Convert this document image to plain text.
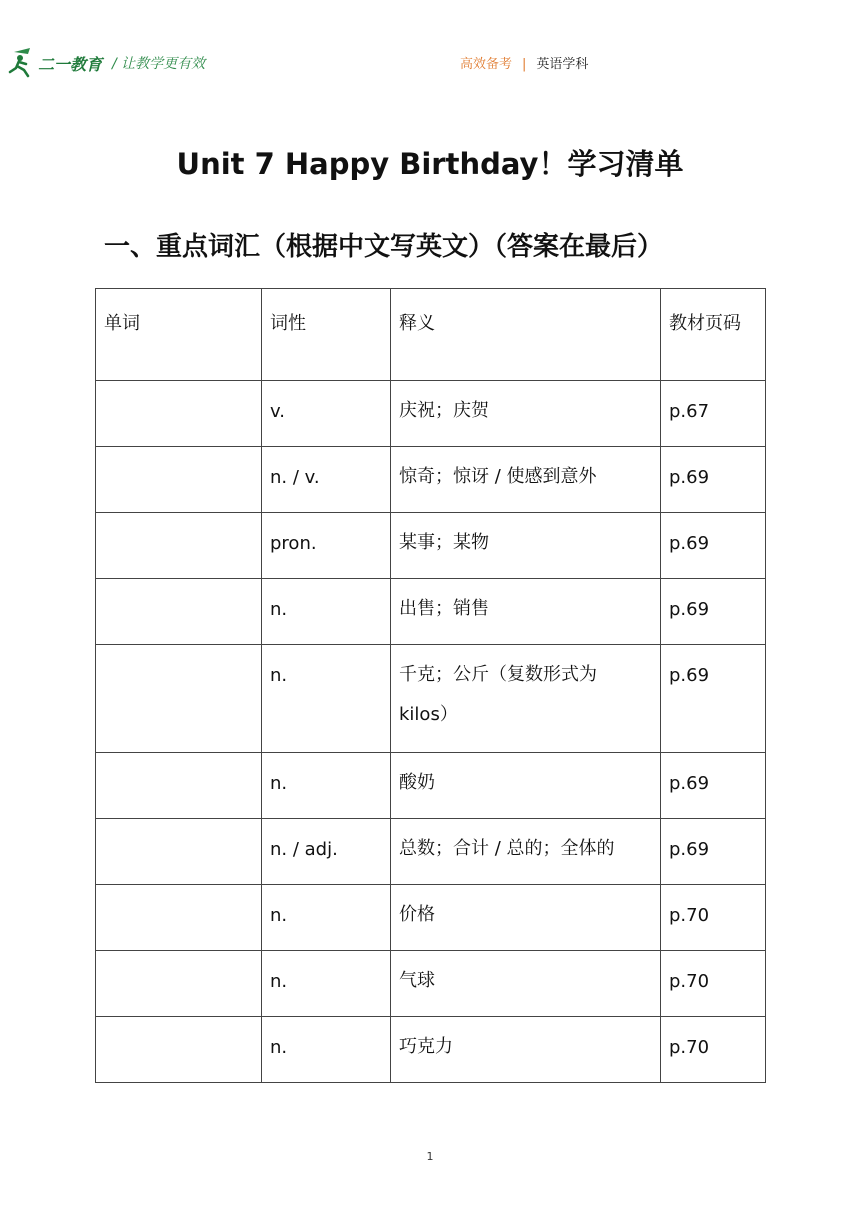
二一教育 / 让教学更有效	高效备考 | 英语学科
Unit 7 Happy Birthday！学习清单
一、重点词汇（根据中文写英文）（答案在最后）
单词	词性	释义	教材页码
	v.	庆祝；庆贺	p.67
	n. / v.	惊奇；惊讶 / 使感到意外	p.69
	pron.	某事；某物	p.69
	n.	出售；销售	p.69
	n.	千克；公斤（复数形式为 kilos）	p.69
	n.	酸奶	p.69
	n. / adj.	总数；合计 / 总的；全体的	p.69
	n.	价格	p.70
	n.	气球	p.70
	n.	巧克力	p.70
1
